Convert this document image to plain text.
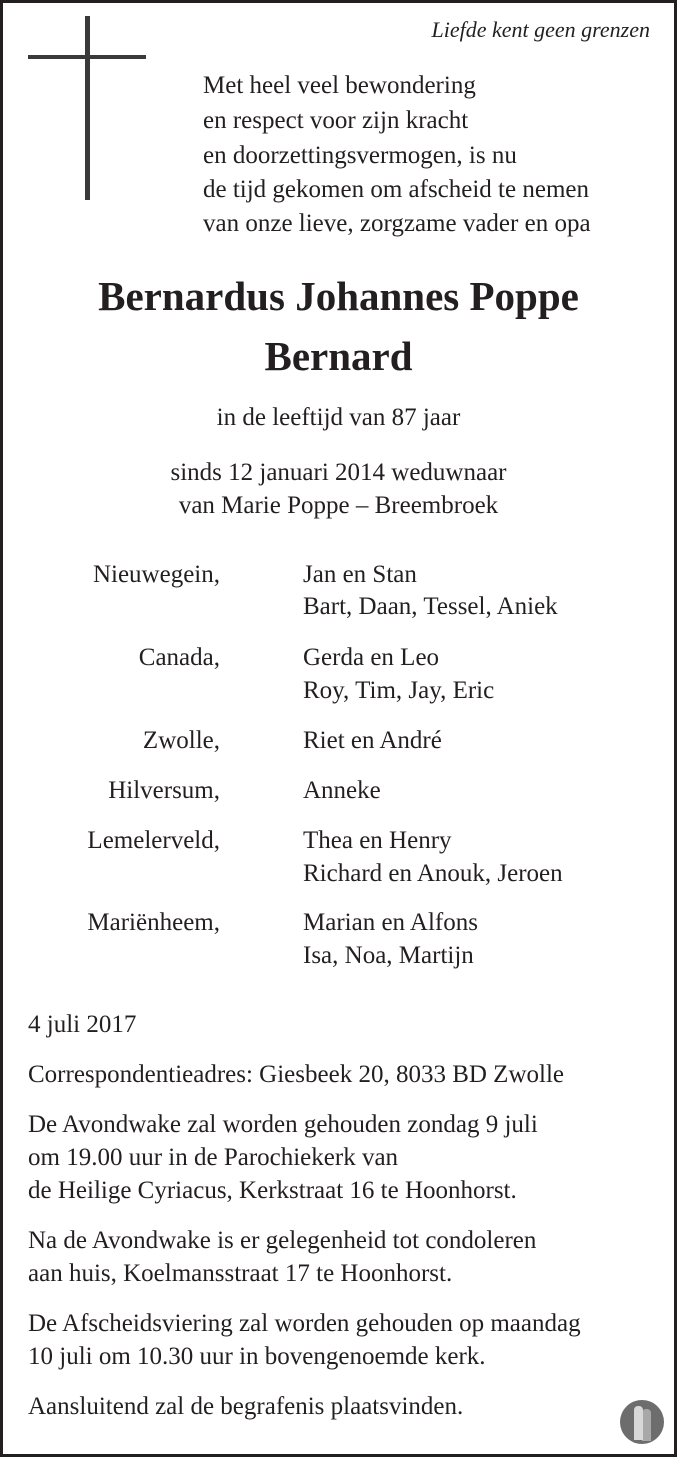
Liefde kent geen grenzen
Met heel veel bewondering
en respect voor zijn kracht
en doorzettingsvermogen, is nu
de tijd gekomen om afscheid te nemen
van onze lieve, zorgzame vader en opa
Bernardus Johannes Poppe
Bernard
in de leeftijd van 87 jaar
sinds 12 januari 2014 weduwnaar
van Marie Poppe – Breembroek
Nieuwegein,	Jan en Stan
Bart, Daan, Tessel, Aniek
Canada,	Gerda en Leo
Roy, Tim, Jay, Eric
Zwolle,	Riet en André
Hilversum,	Anneke
Lemelerveld,	Thea en Henry
Richard en Anouk, Jeroen
Mariënheem,	Marian en Alfons
Isa, Noa, Martijn
4 juli 2017
Correspondentieadres: Giesbeek 20, 8033 BD Zwolle
De Avondwake zal worden gehouden zondag 9 juli
om 19.00 uur in de Parochiekerk van
de Heilige Cyriacus, Kerkstraat 16 te Hoonhorst.
Na de Avondwake is er gelegenheid tot condoleren
aan huis, Koelmansstraat 17 te Hoonhorst.
De Afscheidsviering zal worden gehouden op maandag
10 juli om 10.30 uur in bovengenoemde kerk.
Aansluitend zal de begrafenis plaatsvinden.
